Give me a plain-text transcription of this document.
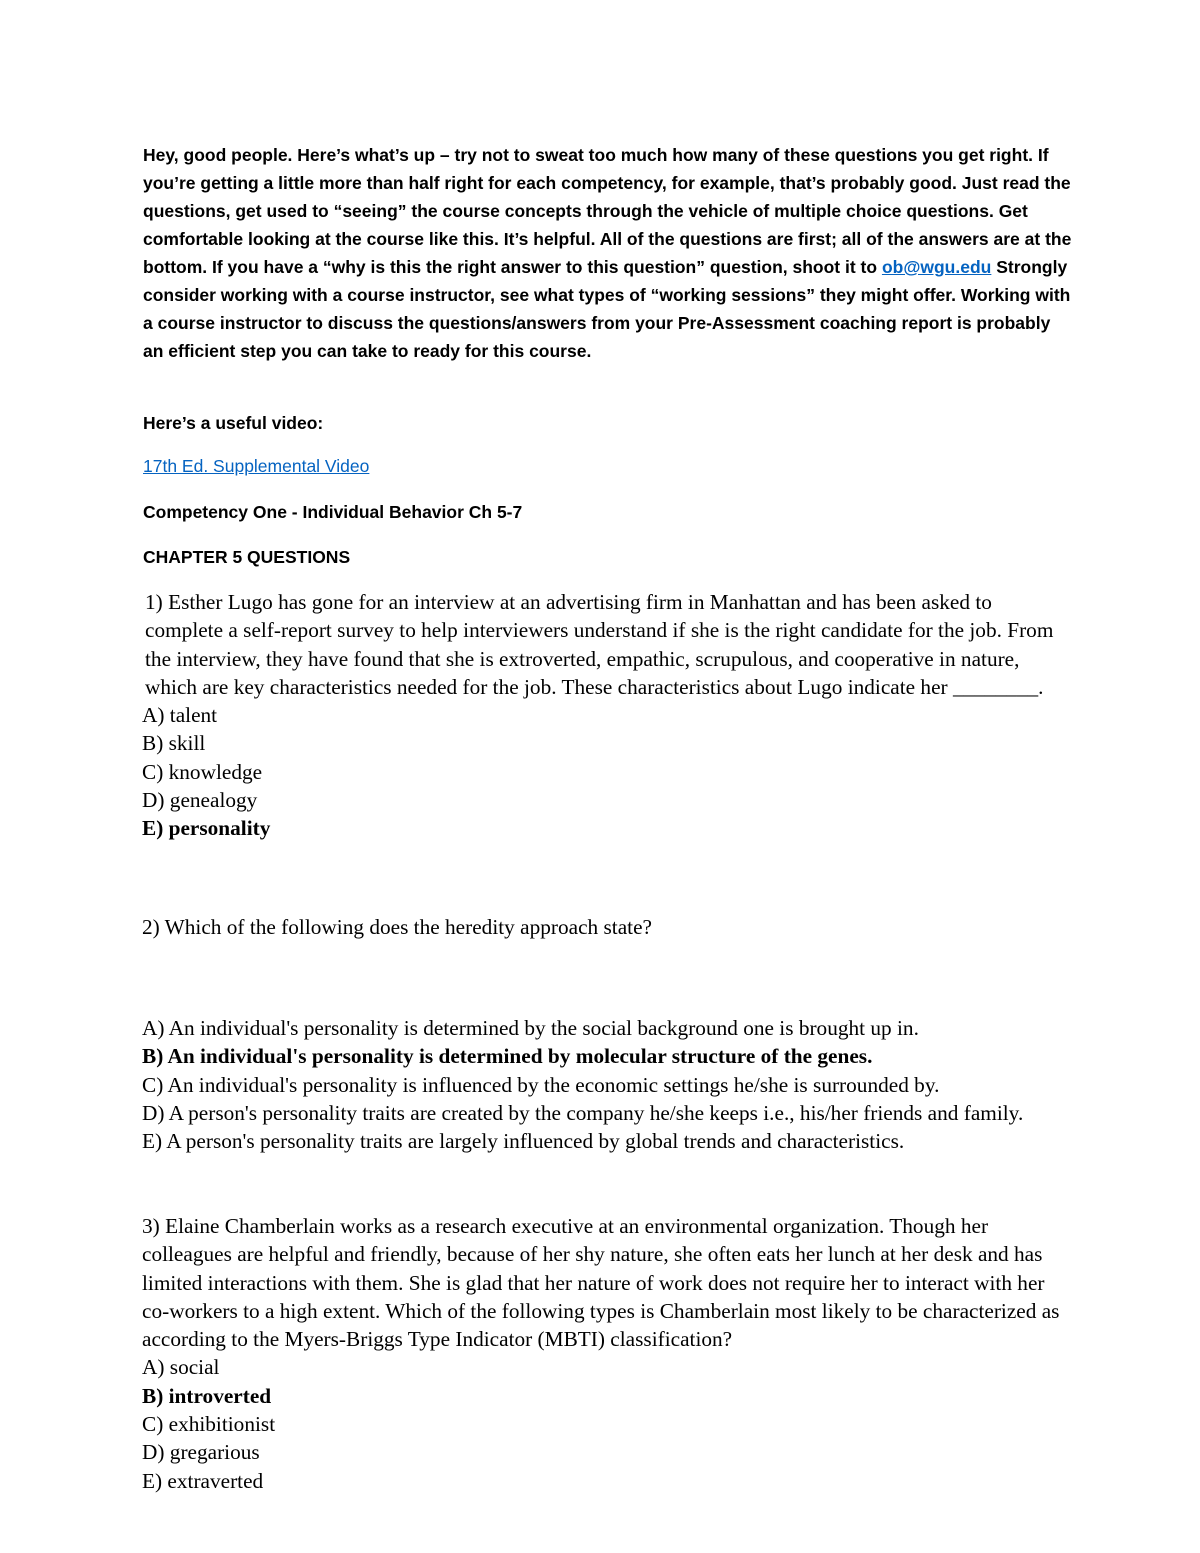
Hey, good people. Here’s what’s up – try not to sweat too much how many of these questions you get right. If you’re getting a little more than half right for each competency, for example, that’s probably good. Just read the questions, get used to “seeing” the course concepts through the vehicle of multiple choice questions. Get comfortable looking at the course like this. It’s helpful. All of the questions are first; all of the answers are at the bottom. If you have a “why is this the right answer to this question” question, shoot it to ob@wgu.edu Strongly consider working with a course instructor, see what types of “working sessions” they might offer. Working with a course instructor to discuss the questions/answers from your Pre-Assessment coaching report is probably an efficient step you can take to ready for this course.

Here’s a useful video:

17th Ed. Supplemental Video

Competency One - Individual Behavior Ch 5-7

CHAPTER 5 QUESTIONS

1) Esther Lugo has gone for an interview at an advertising firm in Manhattan and has been asked to complete a self-report survey to help interviewers understand if she is the right candidate for the job. From the interview, they have found that she is extroverted, empathic, scrupulous, and cooperative in nature, which are key characteristics needed for the job. These characteristics about Lugo indicate her ________.
A) talent
B) skill
C) knowledge
D) genealogy
E) personality
2) Which of the following does the heredity approach state?
A) An individual's personality is determined by the social background one is brought up in.
B) An individual's personality is determined by molecular structure of the genes.
C) An individual's personality is influenced by the economic settings he/she is surrounded by.
D) A person's personality traits are created by the company he/she keeps i.e., his/her friends and family.
E) A person's personality traits are largely influenced by global trends and characteristics.
3) Elaine Chamberlain works as a research executive at an environmental organization. Though her colleagues are helpful and friendly, because of her shy nature, she often eats her lunch at her desk and has limited interactions with them. She is glad that her nature of work does not require her to interact with her co-workers to a high extent. Which of the following types is Chamberlain most likely to be characterized as according to the Myers-Briggs Type Indicator (MBTI) classification?
A) social
B) introverted
C) exhibitionist
D) gregarious
E) extraverted
